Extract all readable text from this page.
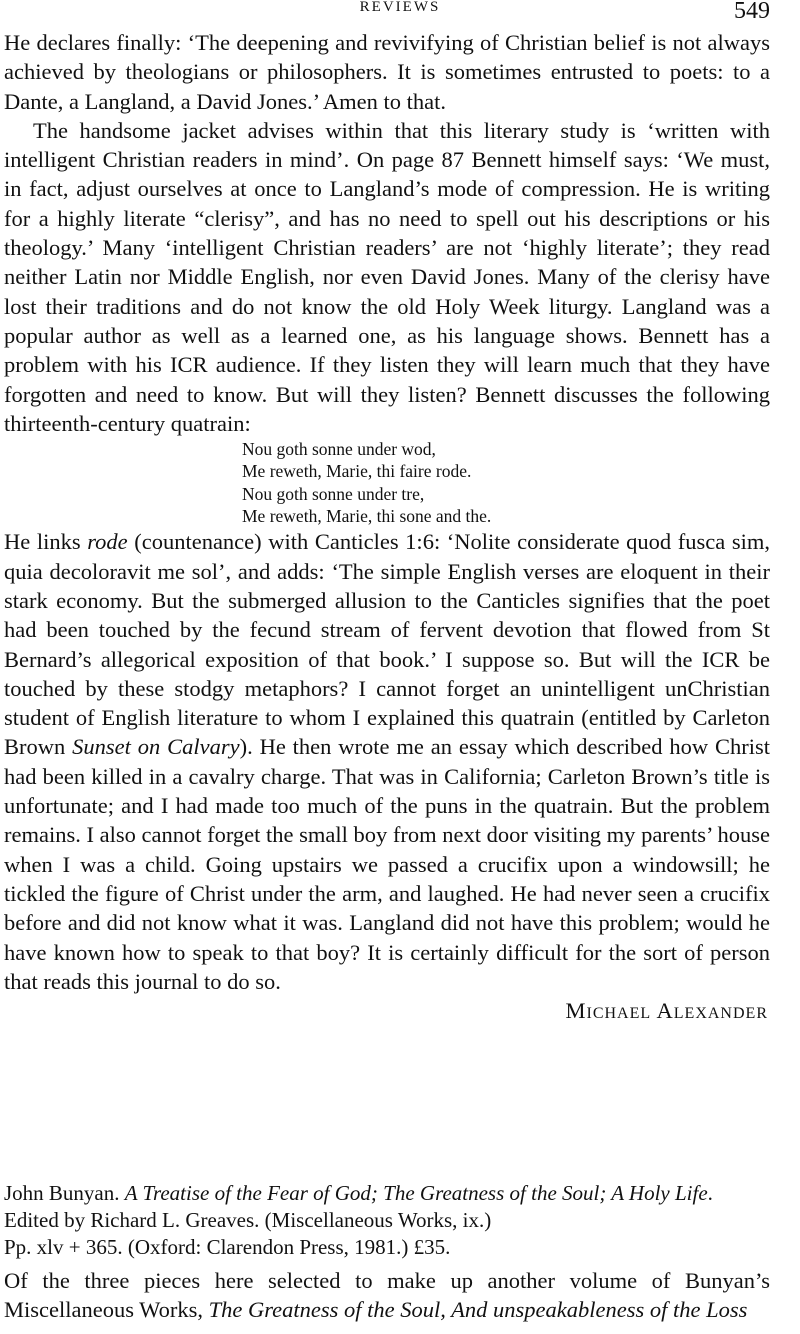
REVIEWS	549

He declares finally: ‘The deepening and revivifying of Christian belief is not always achieved by theologians or philosophers. It is sometimes entrusted to poets: to a Dante, a Langland, a David Jones.’ Amen to that.

The handsome jacket advises within that this literary study is ‘written with intelligent Christian readers in mind’. On page 87 Bennett himself says: ‘We must, in fact, adjust ourselves at once to Langland’s mode of compression. He is writing for a highly literate “clerisy”, and has no need to spell out his descriptions or his theology.’ Many ‘intelligent Christian readers’ are not ‘highly literate’; they read neither Latin nor Middle English, nor even David Jones. Many of the clerisy have lost their traditions and do not know the old Holy Week liturgy. Langland was a popular author as well as a learned one, as his language shows. Bennett has a problem with his ICR audience. If they listen they will learn much that they have forgotten and need to know. But will they listen? Bennett discusses the following thirteenth-century quatrain:

Nou goth sonne under wod,
Me reweth, Marie, thi faire rode.
Nou goth sonne under tre,
Me reweth, Marie, thi sone and the.

He links rode (countenance) with Canticles 1:6: ‘Nolite considerate quod fusca sim, quia decoloravit me sol’, and adds: ‘The simple English verses are eloquent in their stark economy. But the submerged allusion to the Canticles signifies that the poet had been touched by the fecund stream of fervent devotion that flowed from St Bernard’s allegorical exposition of that book.’ I suppose so. But will the ICR be touched by these stodgy metaphors? I cannot forget an unintelligent unChristian student of English literature to whom I explained this quatrain (entitled by Carleton Brown Sunset on Calvary). He then wrote me an essay which described how Christ had been killed in a cavalry charge. That was in California; Carleton Brown’s title is unfortunate; and I had made too much of the puns in the quatrain. But the problem remains. I also cannot forget the small boy from next door visiting my parents’ house when I was a child. Going upstairs we passed a crucifix upon a windowsill; he tickled the figure of Christ under the arm, and laughed. He had never seen a crucifix before and did not know what it was. Langland did not have this problem; would he have known how to speak to that boy? It is certainly difficult for the sort of person that reads this journal to do so.

Michael Alexander

John Bunyan. A Treatise of the Fear of God; The Greatness of the Soul; A Holy Life. Edited by Richard L. Greaves. (Miscellaneous Works, ix.)
Pp. xlv + 365. (Oxford: Clarendon Press, 1981.) £35.
Of the three pieces here selected to make up another volume of Bunyan’s Miscellaneous Works, The Greatness of the Soul, And unspeakableness of the Loss
